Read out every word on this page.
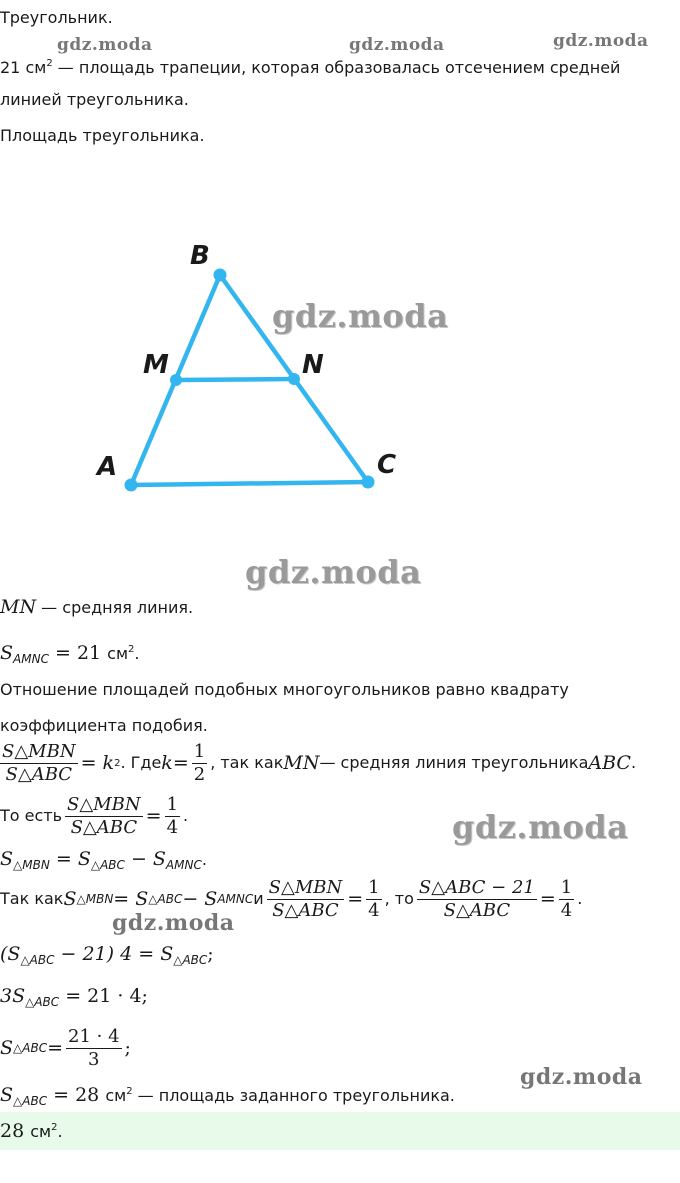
Треугольник.
21 $см^2$ — площадь трапеции, которая образовалась отсечением средней
линией треугольника.
Площадь треугольника.
gdz.moda	gdz.moda	gdz.moda
B
M	N
A	C
gdz.moda
gdz.moda
gdz.moda
gdz.moda
gdz.moda
MN — средняя линия.
$S_{AMNC} = 21$ $см^2$.
Отношение площадей подобных многоугольников равно квадрату
коэффициента подобия.
$\frac{\text{S△MBN}}{\text{S△ABC}} = k$ 2 . Где $k = \frac{1}{2}$ , так как MN — средняя линия треугольника ABC .
То есть $\frac{\text{S△MBN}}{\text{S△ABC}} = \frac{1}{4}$ .
$S_{\triangle MBN} = S_{\triangle ABC} - S_{AMNC}$.
Так как S △MBN = S △ABC − S AMNC и $\frac{\text{S△MBN}}{\text{S△ABC}} = \frac{1}{4}$ , то $\frac{\text{S△ABC − 21}}{\text{S△ABC}} = \frac{1}{4}$ .
$(S_{\triangle ABC} - 21) 4 = S_{\triangle ABC}$;
$3S_{\triangle ABC} = 21 \cdot 4$;
S △ABC = $\frac{21 \cdot 4}{3}$ ;
$S_{\triangle ABC} = 28$ $см^2$ — площадь заданного треугольника.
28 $см^2$.
